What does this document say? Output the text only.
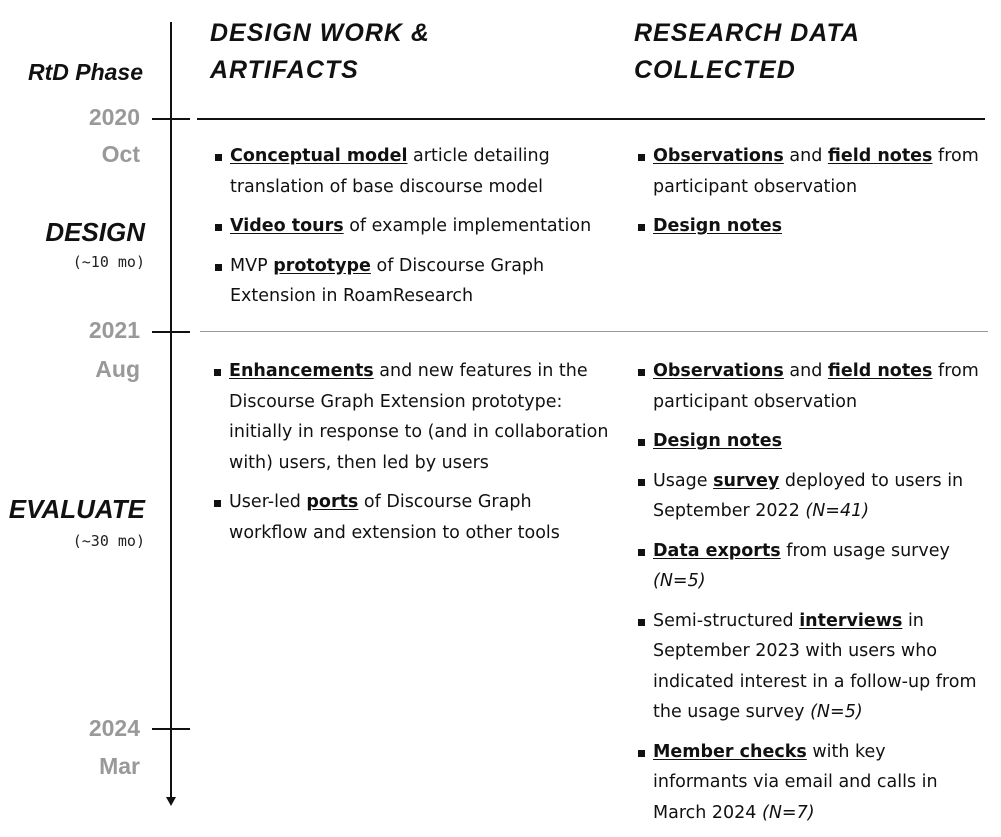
RtD Phase
DESIGN WORK &
ARTIFACTS
RESEARCH DATA
COLLECTED
2020
Oct
2021
Aug
2024
Mar
DESIGN
(~10 mo)
EVALUATE
(~30 mo)
Conceptual model article detailing translation of base discourse model
Video tours of example implementation
MVP prototype of Discourse Graph Extension in RoamResearch
Observations and field notes from participant observation
Design notes
Enhancements and new features in the Discourse Graph Extension prototype: initially in response to (and in collaboration with) users, then led by users
User-led ports of Discourse Graph workflow and extension to other tools
Observations and field notes from participant observation
Design notes
Usage survey deployed to users in September 2022 (N=41)
Data exports from usage survey (N=5)
Semi-structured interviews in September 2023 with users who indicated interest in a follow-up from the usage survey (N=5)
Member checks with key informants via email and calls in March 2024 (N=7)
